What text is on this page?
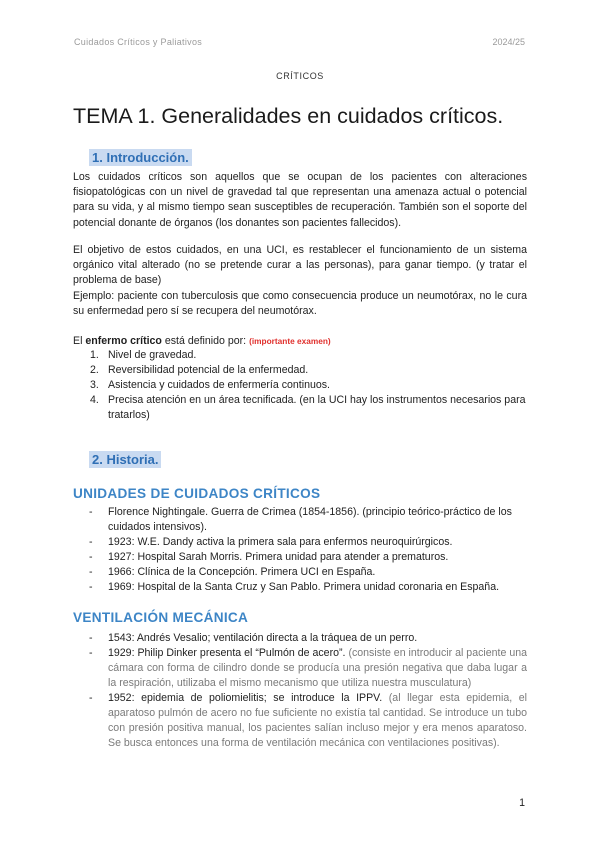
Cuidados Críticos y Paliativos	2024/25
CRÍTICOS
TEMA 1. Generalidades en cuidados críticos.
1. Introducción.
Los cuidados críticos son aquellos que se ocupan de los pacientes con alteraciones fisiopatológicas con un nivel de gravedad tal que representan una amenaza actual o potencial para su vida, y al mismo tiempo sean susceptibles de recuperación. También son el soporte del potencial donante de órganos (los donantes son pacientes fallecidos).
El objetivo de estos cuidados, en una UCI, es restablecer el funcionamiento de un sistema orgánico vital alterado (no se pretende curar a las personas), para ganar tiempo. (y tratar el problema de base)
Ejemplo: paciente con tuberculosis que como consecuencia produce un neumotórax, no le cura su enfermedad pero sí se recupera del neumotórax.
El enfermo crítico está definido por: (importante examen)
1. Nivel de gravedad.
2. Reversibilidad potencial de la enfermedad.
3. Asistencia y cuidados de enfermería continuos.
4. Precisa atención en un área tecnificada. (en la UCI hay los instrumentos necesarios para tratarlos)
2. Historia.
UNIDADES DE CUIDADOS CRÍTICOS
- Florence Nightingale. Guerra de Crimea (1854-1856). (principio teórico-práctico de los cuidados intensivos).
- 1923: W.E. Dandy activa la primera sala para enfermos neuroquirúrgicos.
- 1927: Hospital Sarah Morris. Primera unidad para atender a prematuros.
- 1966: Clínica de la Concepción. Primera UCI en España.
- 1969: Hospital de la Santa Cruz y San Pablo. Primera unidad coronaria en España.
VENTILACIÓN MECÁNICA
- 1543: Andrés Vesalio; ventilación directa a la tráquea de un perro.
- 1929: Philip Dinker presenta el “Pulmón de acero”. (consiste en introducir al paciente una cámara con forma de cilindro donde se producía una presión negativa que daba lugar a la respiración, utilizaba el mismo mecanismo que utiliza nuestra musculatura)
- 1952: epidemia de poliomielitis; se introduce la IPPV. (al llegar esta epidemia, el aparatoso pulmón de acero no fue suficiente no existía tal cantidad. Se introduce un tubo con presión positiva manual, los pacientes salían incluso mejor y era menos aparatoso. Se busca entonces una forma de ventilación mecánica con ventilaciones positivas).
1
